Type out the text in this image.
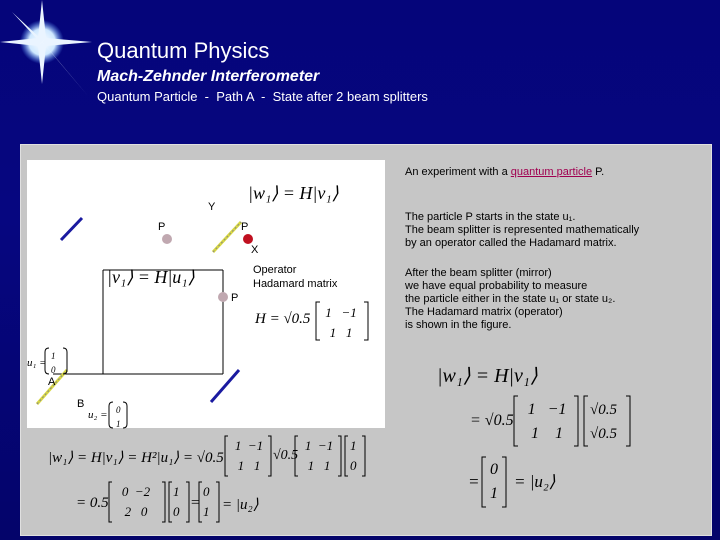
Quantum Physics
Mach-Zehnder Interferometer
Quantum Particle  -  Path A  -  State after 2 beam splitters
Y
P	P
X
P
A
B
Operator
Hadamard matrix
|w₁⟩ = H|v₁⟩
|v₁⟩ = H|u₁⟩
H = √0.5	1 −1
1 1
u₁ =
1
0
u₂ = 0
1
An experiment with a quantum particle P.
The particle P starts in the state u₁.
The beam splitter is represented mathematically
by an operator called the Hadamard matrix.
After the beam splitter (mirror)
we have equal probability to measure
the particle either in the state u₁ or state u₂.
The Hadamard matrix (operator)
is shown in the figure.
|w₁⟩ = H|v₁⟩
= √0.5
1 −1
1 1
√0.5
√0.5
=
0
1
= |u₂⟩
|w₁⟩ = H|v₁⟩ = H²|u₁⟩ = √0.5
1 −1
1 1
√0.5
1 −1
1 1
1
0
= 0.5
0 −2
2 0
1
0
=
0
1 = |u₂⟩
